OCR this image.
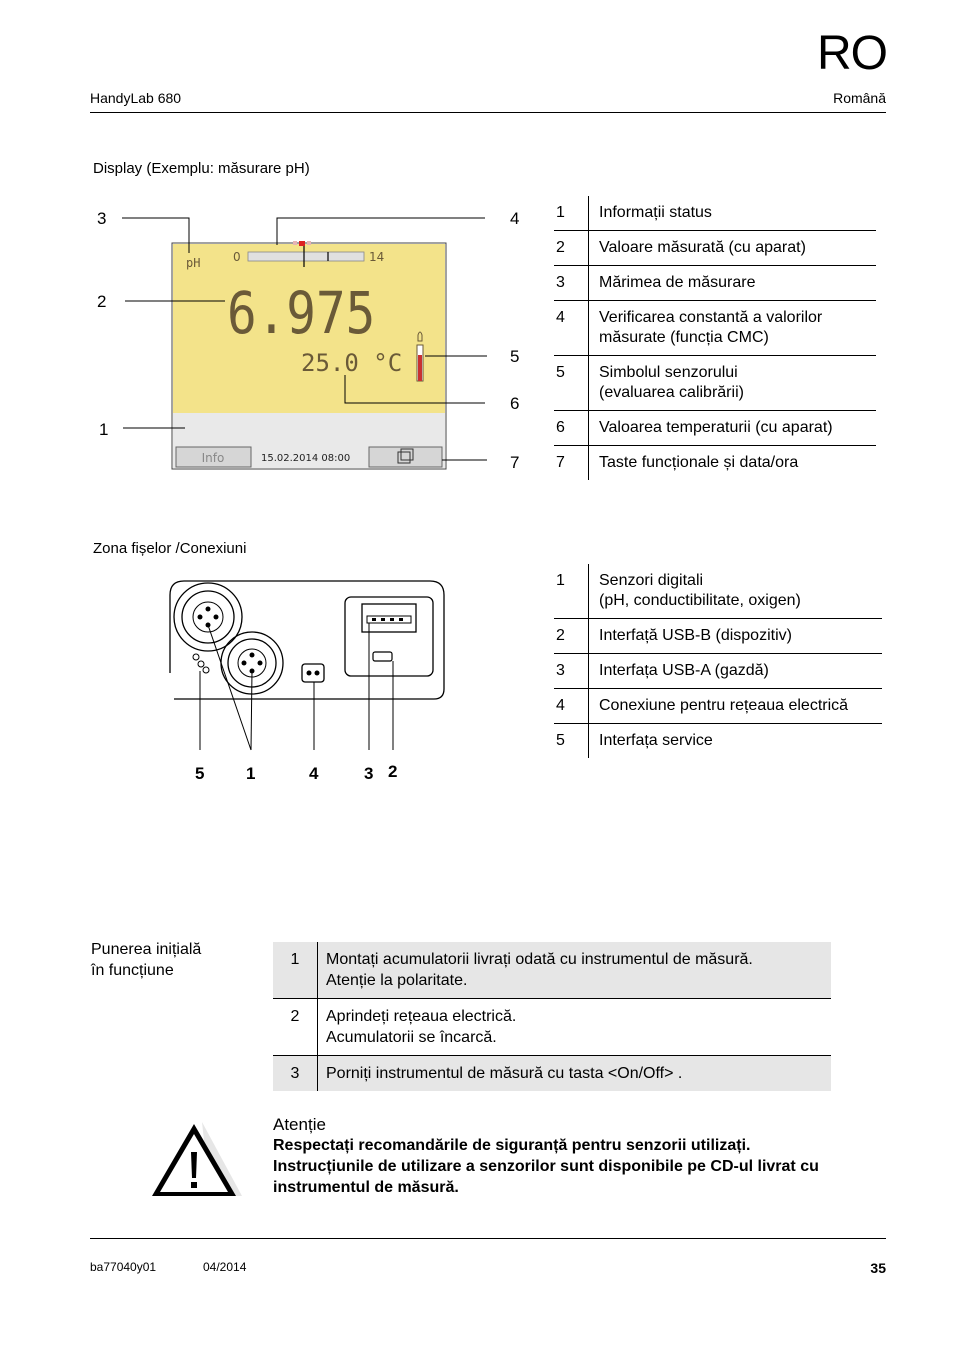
RO
HandyLab 680	Română
Display (Exemplu: măsurare pH)
pH	0	14
6.975
25.0 °C
Info	15.02.2014 08:00
3	4
2
5
6
1
7
1	Informații status
2	Valoare măsurată (cu aparat)
3	Mărimea de măsurare
4	Verificarea constantă a valorilor
măsurate (funcția CMC)
5	Simbolul senzorului
(evaluarea calibrării)
6	Valoarea temperaturii (cu aparat)
7	Taste funcționale și data/ora
Zona fișelor /Conexiuni
5 1	4	3 2
1	Senzori digitali
(pH, conductibilitate, oxigen)
2	Interfață USB-B (dispozitiv)
3	Interfața USB-A (gazdă)
4	Conexiune pentru rețeaua electrică
5	Interfața service
Punerea inițială
în funcțiune
1	Montați acumulatorii livrați odată cu instrumentul de măsură.
Atenție la polaritate.
2	Aprindeți rețeaua electrică.
Acumulatorii se încarcă.
3	Porniți instrumentul de măsură cu tasta <On/Off> .
Atenție
Respectați recomandările de siguranță pentru senzorii utilizați.
Instrucțiunile de utilizare a senzorilor sunt disponibile pe CD-ul livrat cu
instrumentul de măsură.
ba77040y01	04/2014	35
